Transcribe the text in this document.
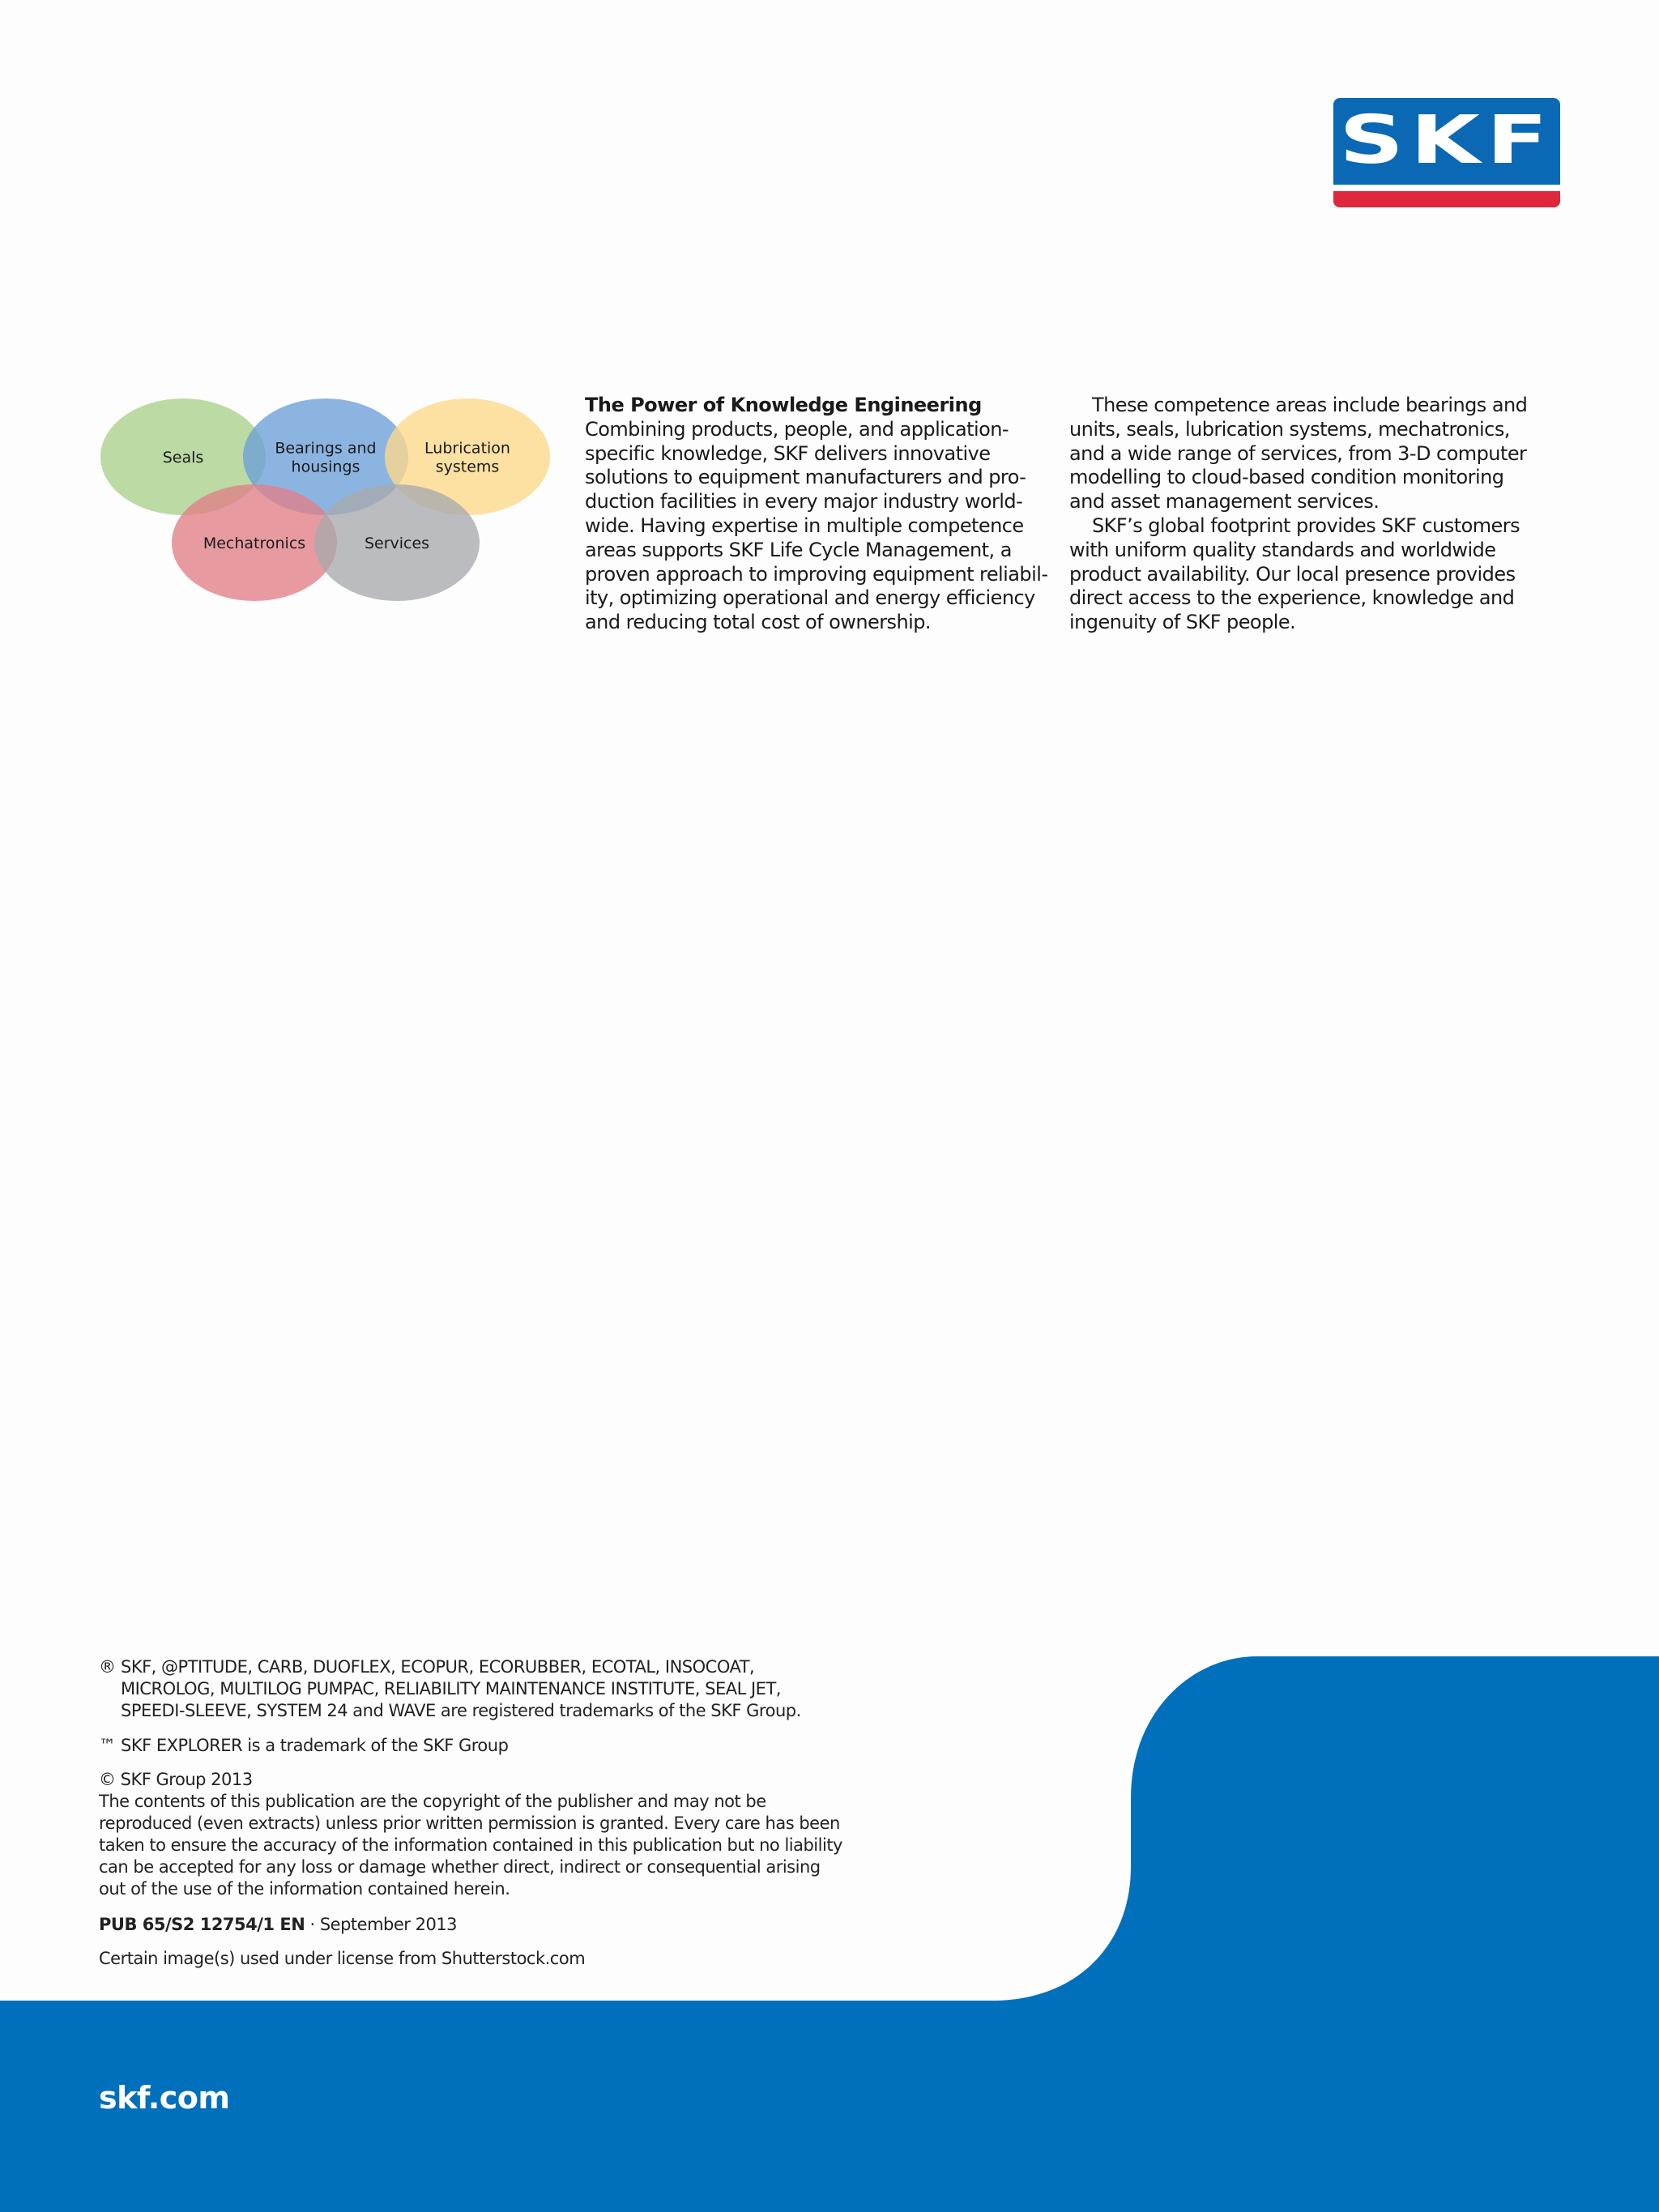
SKF
Seals
Bearings and
housings
Lubrication
systems
Mechatronics	Services
The Power of Knowledge Engineering
Combining products, people, and application-
specific knowledge, SKF delivers innovative
solutions to equipment manufacturers and pro-
duction facilities in every major industry world-
wide. Having expertise in multiple competence
areas supports SKF Life Cycle Management, a
proven approach to improving equipment reliabil-
ity, optimizing operational and energy efficiency
and reducing total cost of ownership.
These competence areas include bearings and
units, seals, lubrication systems, mechatronics,
and a wide range of services, from 3-D computer
modelling to cloud-based condition monitoring
and asset management services.
SKF’s global footprint provides SKF customers
with uniform quality standards and worldwide
product availability. Our local presence provides
direct access to the experience, knowledge and
ingenuity of SKF people.
® SKF, @PTITUDE, CARB, DUOFLEX, ECOPUR, ECORUBBER, ECOTAL, INSOCOAT,
MICROLOG, MULTILOG PUMPAC, RELIABILITY MAINTENANCE INSTITUTE, SEAL JET,
SPEEDI-SLEEVE, SYSTEM 24 and WAVE are registered trademarks of the SKF Group.
™ SKF EXPLORER is a trademark of the SKF Group
© SKF Group 2013
The contents of this publication are the copyright of the publisher and may not be
reproduced (even extracts) unless prior written permission is granted. Every care has been
taken to ensure the accuracy of the information contained in this publication but no liability
can be accepted for any loss or damage whether direct, indirect or consequential arising
out of the use of the information contained herein.
PUB 65/S2 12754/1 EN · September 2013
Certain image(s) used under license from Shutterstock.com
skf.com
